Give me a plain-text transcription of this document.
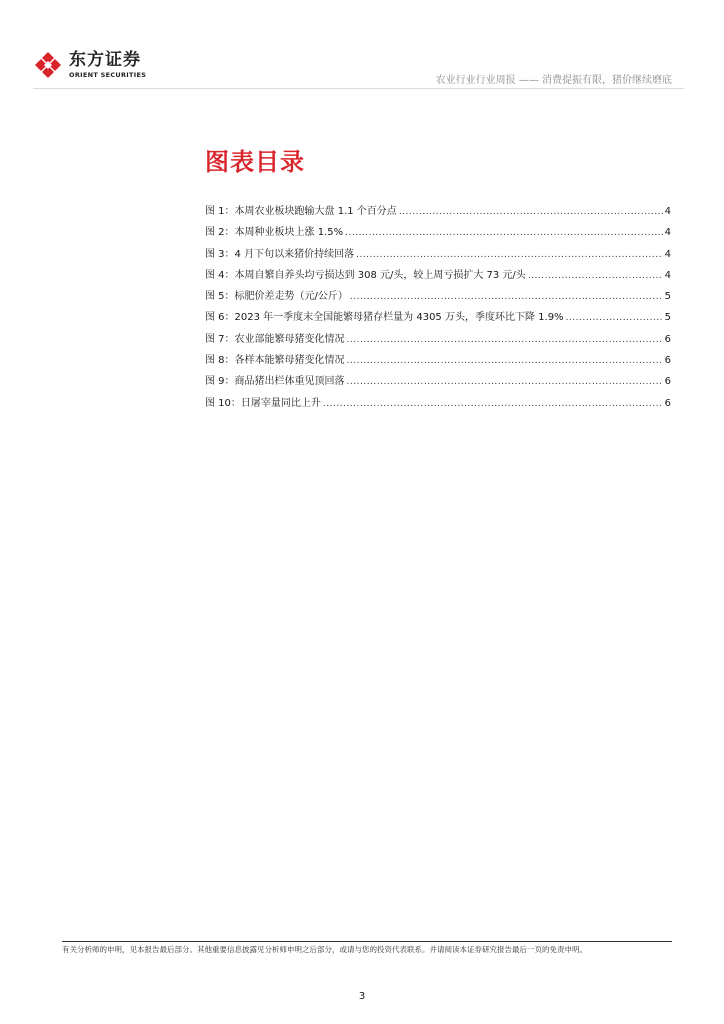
东方证券
ORIENT SECURITIES
农业行业行业周报 —— 消费提振有限，猪价继续磨底
图表目录
图 1：本周农业板块跑输大盘 1.1 个百分点 .....	4
图 2：本周种业板块上涨 1.5% .....	4
图 3：4 月下旬以来猪价持续回落 .....	4
图 4：本周自繁自养头均亏损达到 308 元/头，较上周亏损扩大 73 元/头 .....	4
图 5：标肥价差走势（元/公斤） .....	5
图 6：2023 年一季度末全国能繁母猪存栏量为 4305 万头，季度环比下降 1.9% .....	5
图 7：农业部能繁母猪变化情况 .....	6
图 8：各样本能繁母猪变化情况 .....	6
图 9：商品猪出栏体重见顶回落 .....	6
图 10：日屠宰量同比上升 .....	6
有关分析师的申明，见本报告最后部分。其他重要信息披露见分析师申明之后部分，或请与您的投资代表联系。并请阅读本证券研究报告最后一页的免责申明。
3
